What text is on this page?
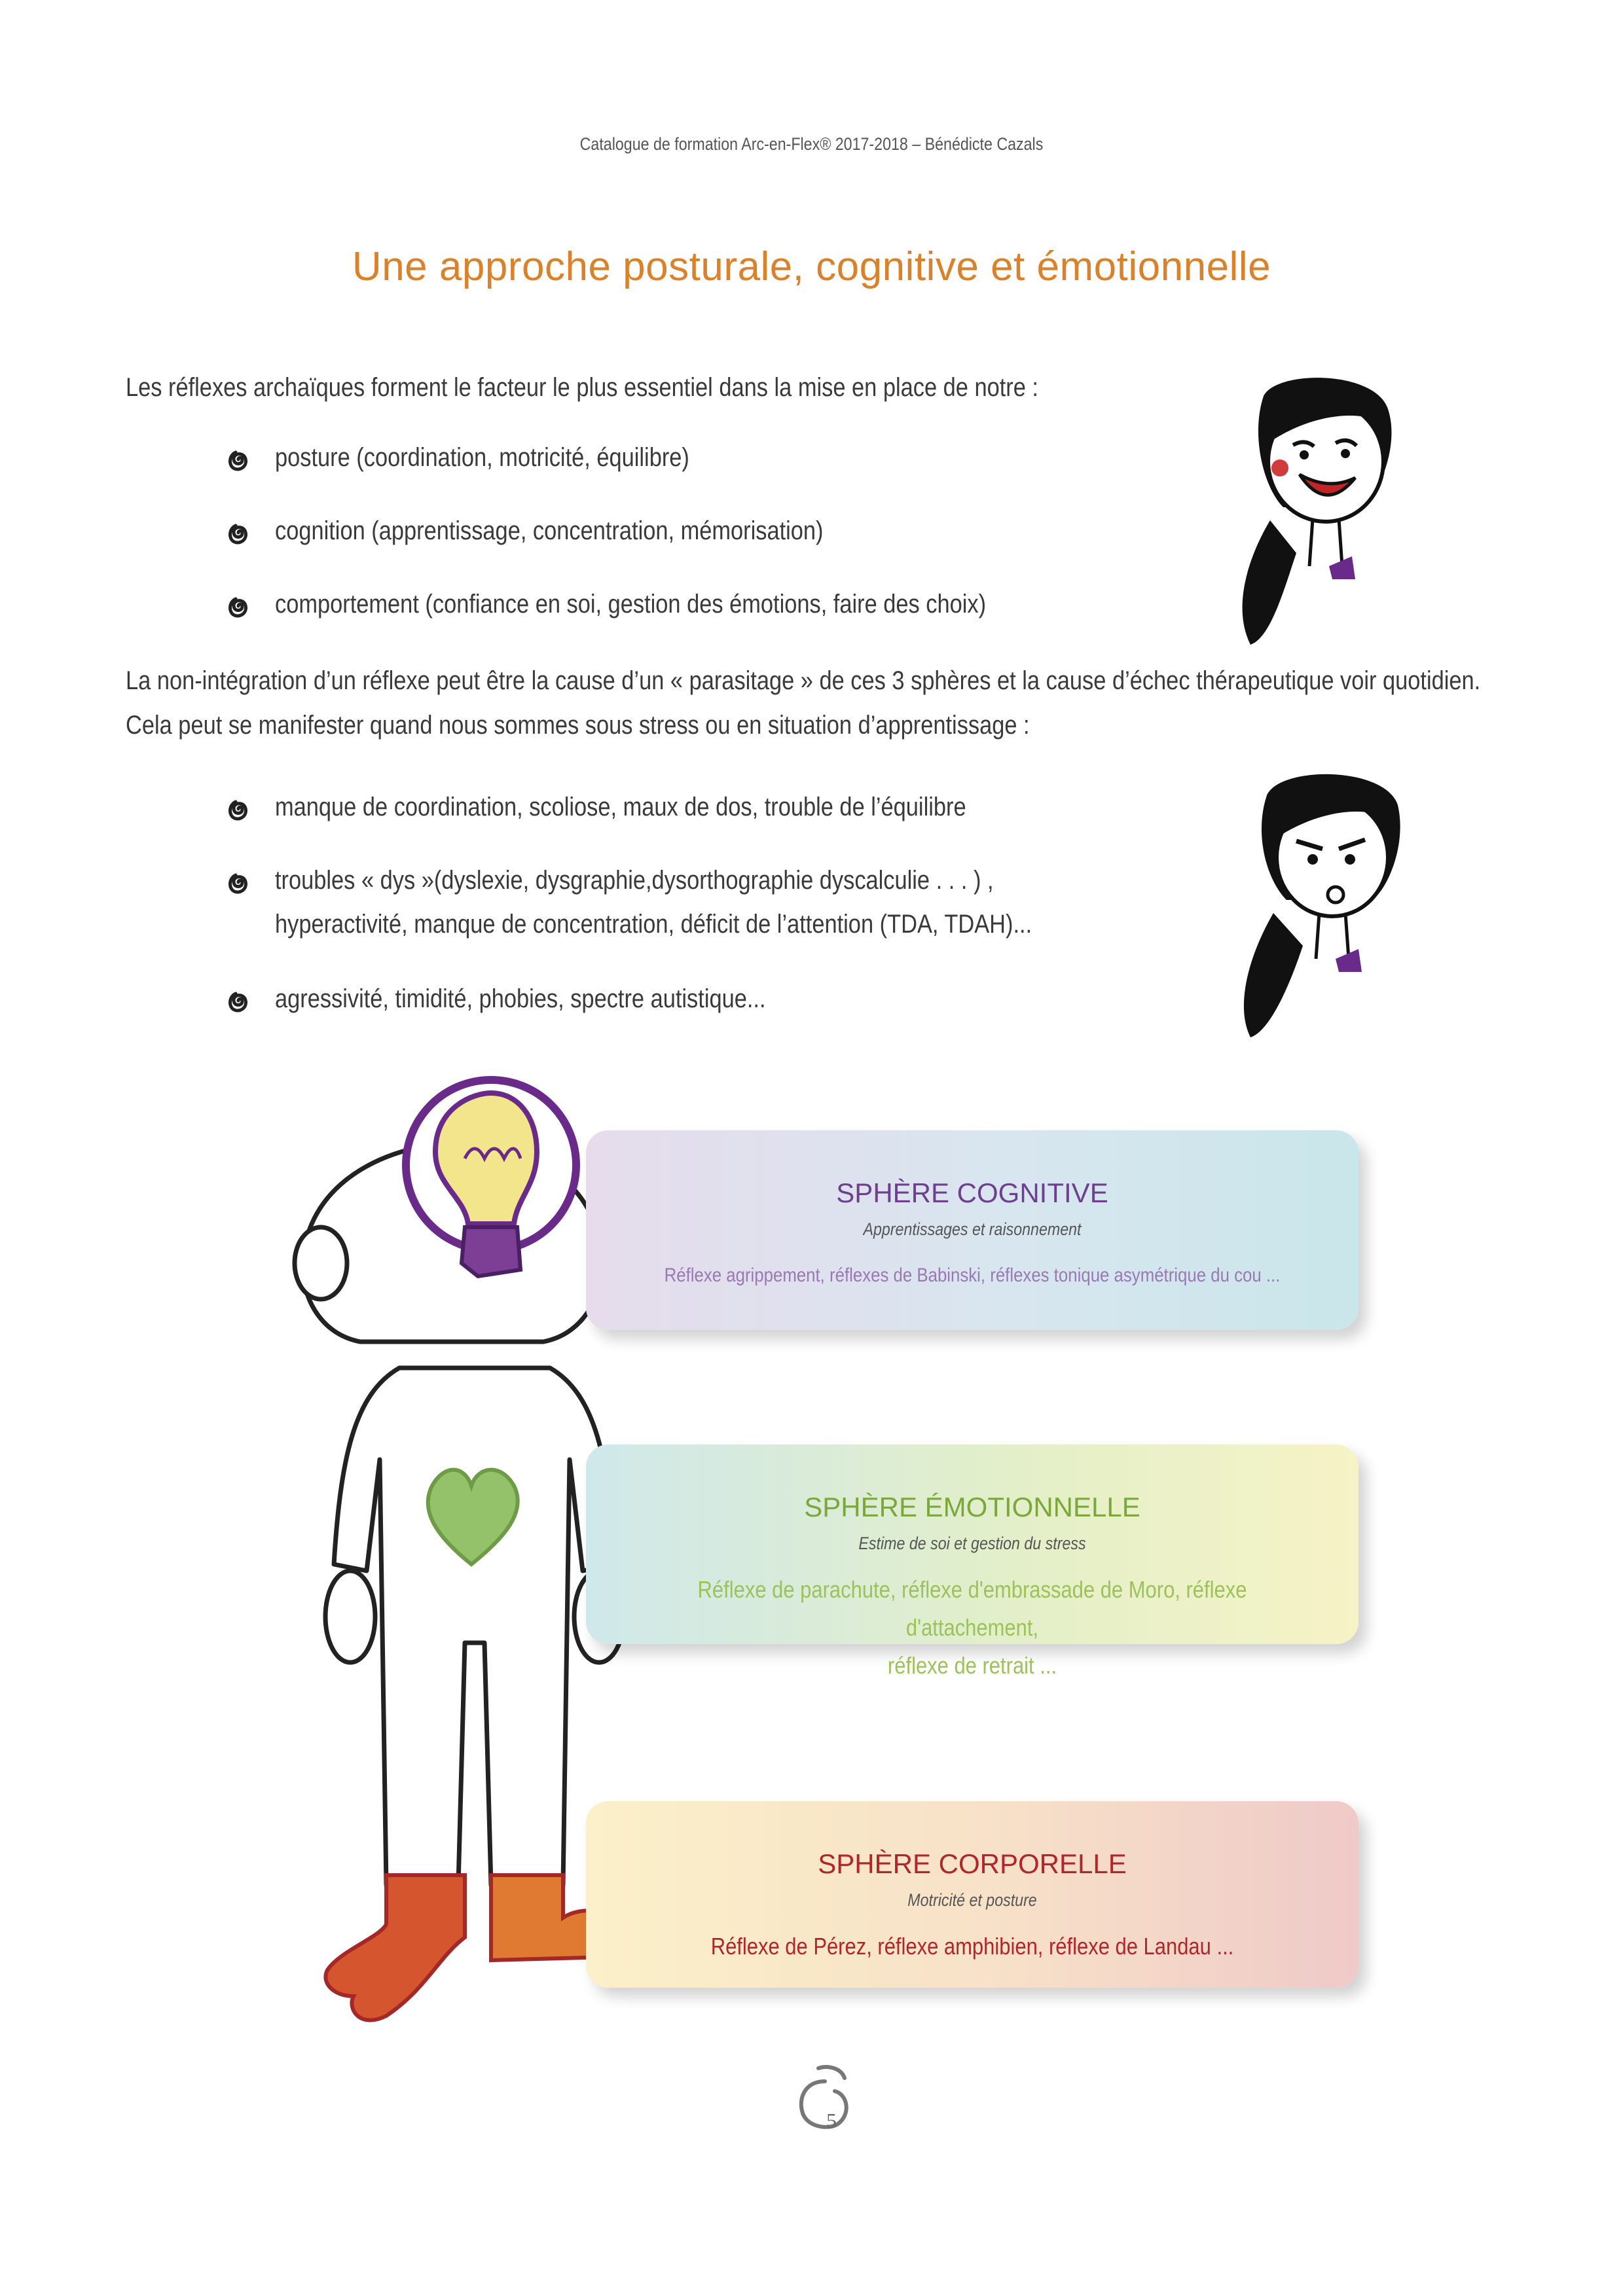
Catalogue de formation Arc-en-Flex® 2017-2018 – Bénédicte Cazals
Une approche posturale, cognitive et émotionnelle
Les réflexes archaïques forment le facteur le plus essentiel dans la mise en place de notre :
posture (coordination, motricité, équilibre)
cognition (apprentissage, concentration, mémorisation)
comportement (confiance en soi, gestion des émotions, faire des choix)
La non-intégration d’un réflexe peut être la cause d’un « parasitage » de ces 3 sphères et la cause d’échec thérapeutique voir quotidien.
Cela peut se manifester quand nous sommes sous stress ou en situation d’apprentissage :
manque de coordination, scoliose, maux de dos, trouble de l’équilibre
troubles « dys »(dyslexie, dysgraphie,dysorthographie dyscalculie . . . ) ,
hyperactivité, manque de concentration, déficit de l’attention (TDA, TDAH)...
agressivité, timidité, phobies, spectre autistique...
SPHÈRE COGNITIVE
Apprentissages et raisonnement
Réflexe agrippement, réflexes de Babinski, réflexes tonique asymétrique du cou ...
SPHÈRE ÉMOTIONNELLE
Estime de soi et gestion du stress
Réflexe de parachute, réflexe d'embrassade de Moro, réflexe d'attachement,
réflexe de retrait ...
SPHÈRE CORPORELLE
Motricité et posture
Réflexe de Pérez, réflexe amphibien, réflexe de Landau ...
5
